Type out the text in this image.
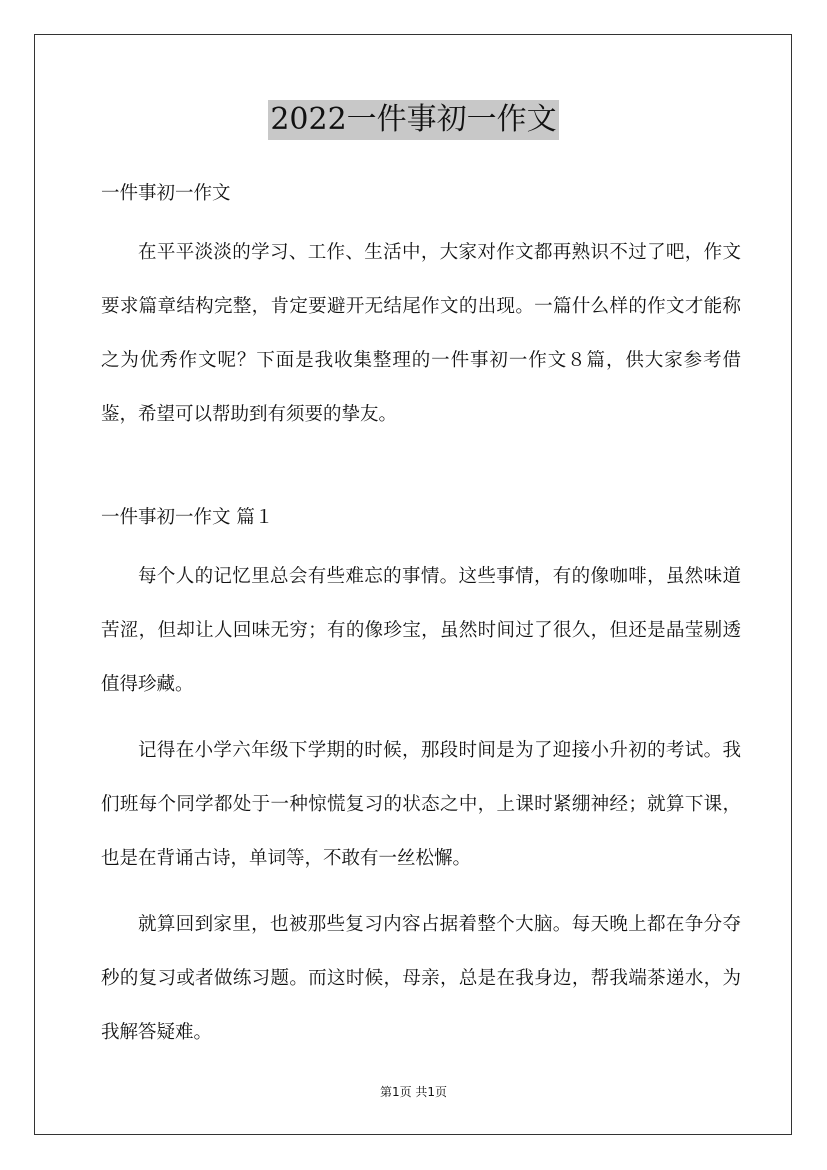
2022一件事初一作文

一件事初一作文

在平平淡淡的学习、工作、生活中，大家对作文都再熟识不过了吧，作文要求篇章结构完整，肯定要避开无结尾作文的出现。一篇什么样的作文才能称之为优秀作文呢？下面是我收集整理的一件事初一作文８篇，供大家参考借鉴，希望可以帮助到有须要的挚友。

一件事初一作文 篇１

每个人的记忆里总会有些难忘的事情。这些事情，有的像咖啡，虽然味道苦涩，但却让人回味无穷；有的像珍宝，虽然时间过了很久，但还是晶莹剔透值得珍藏。

记得在小学六年级下学期的时候，那段时间是为了迎接小升初的考试。我们班每个同学都处于一种惊慌复习的状态之中，上课时紧绷神经；就算下课，也是在背诵古诗，单词等，不敢有一丝松懈。

就算回到家里，也被那些复习内容占据着整个大脑。每天晚上都在争分夺秒的复习或者做练习题。而这时候，母亲，总是在我身边，帮我端茶递水，为我解答疑难。

第1页 共1页
